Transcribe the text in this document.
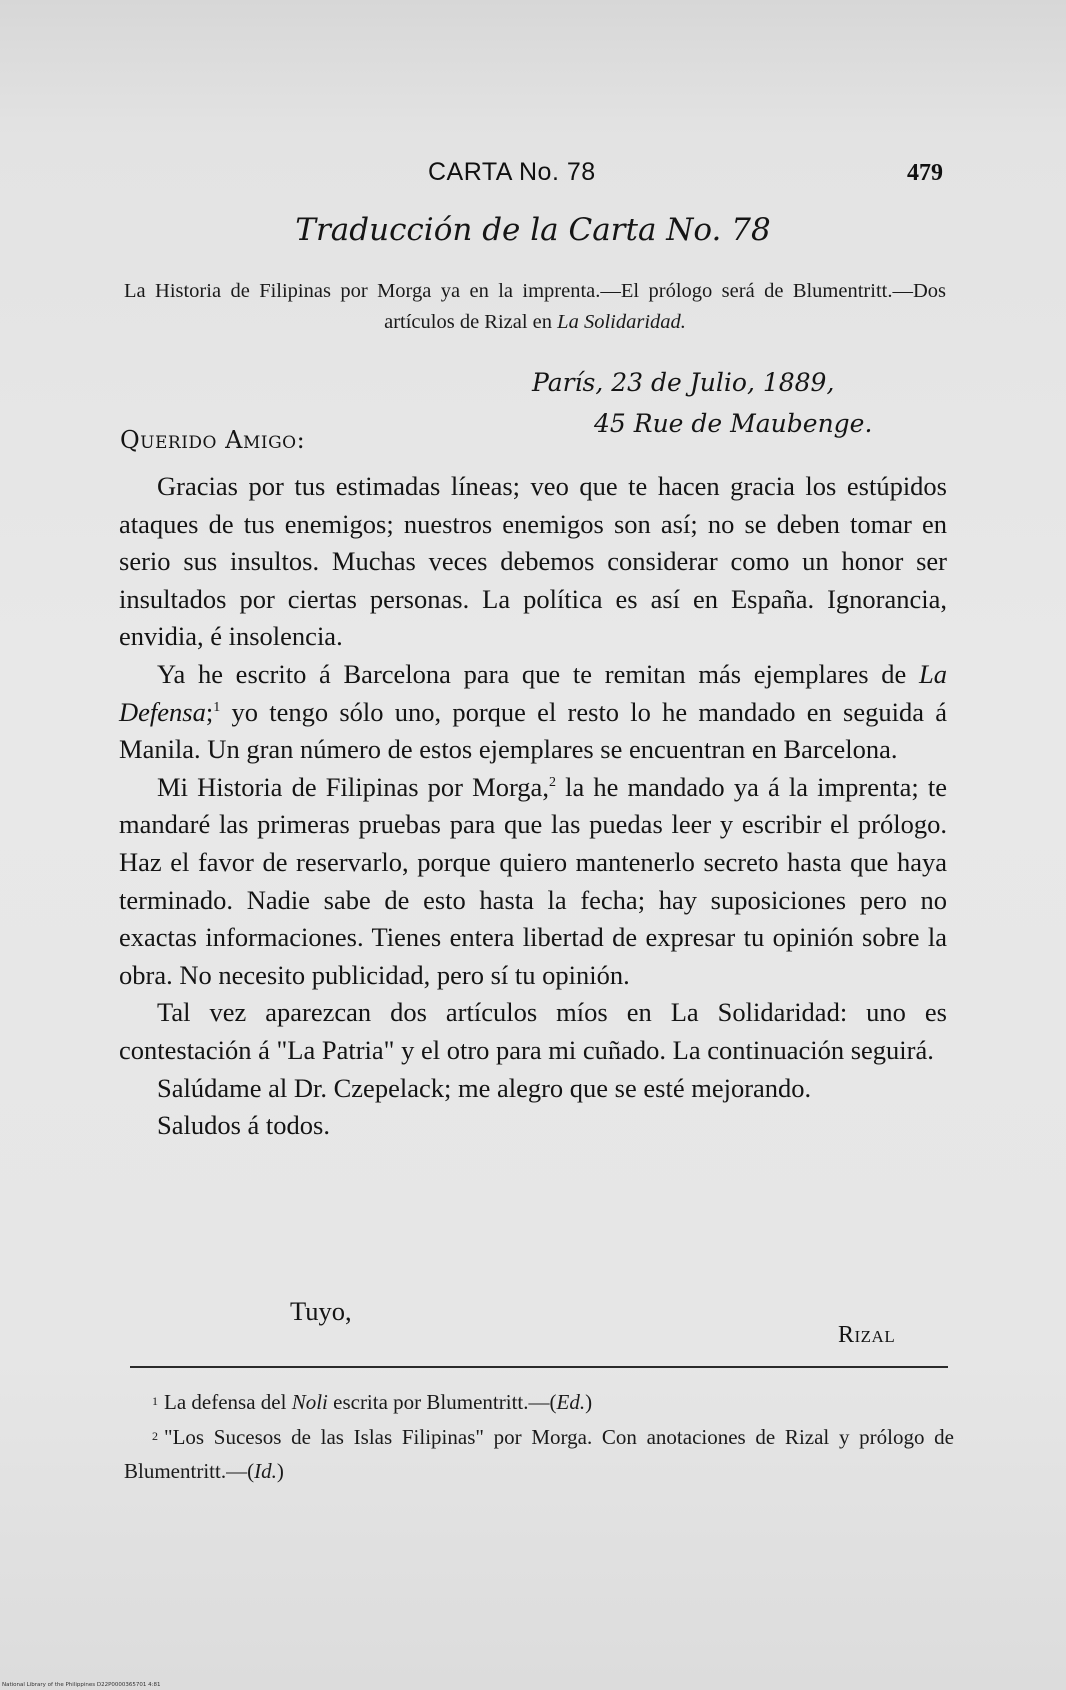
CARTA No. 78	479
Traducción de la Carta No. 78
La Historia de Filipinas por Morga ya en la imprenta.—El prólogo será de Blumentritt.—Dos artículos de Rizal en La Solidaridad.
París, 23 de Julio, 1889,
45 Rue de Maubenge.
Querido Amigo:

Gracias por tus estimadas líneas; veo que te hacen gracia los estúpidos ataques de tus enemigos; nuestros enemigos son así; no se deben tomar en serio sus insultos. Muchas veces debemos considerar como un honor ser insultados por ciertas personas. La política es así en España. Ignorancia, envidia, é insolencia.

Ya he escrito á Barcelona para que te remitan más ejemplares de La Defensa;$^1$ yo tengo sólo uno, porque el resto lo he mandado en seguida á Manila. Un gran número de estos ejemplares se encuentran en Barcelona.

Mi Historia de Filipinas por Morga,$^2$ la he mandado ya á la imprenta; te mandaré las primeras pruebas para que las puedas leer y escribir el prólogo. Haz el favor de reservarlo, porque quiero mantenerlo secreto hasta que haya terminado. Nadie sabe de esto hasta la fecha; hay suposiciones pero no exactas informaciones. Tienes entera libertad de expresar tu opinión sobre la obra. No necesito publicidad, pero sí tu opinión.

Tal vez aparezcan dos artículos míos en La Solidaridad: uno es contestación á "La Patria" y el otro para mi cuñado. La continuación seguirá.

Salúdame al Dr. Czepelack; me alegro que se esté mejorando.
Saludos á todos.
Tuyo,
Rizal

1 La defensa del Noli escrita por Blumentritt.—(Ed.)

2 "Los Sucesos de las Islas Filipinas" por Morga. Con anotaciones de Rizal y prólogo de Blumentritt.—(Id.)

National Library of the Philippines D22P0000365701 4:81
